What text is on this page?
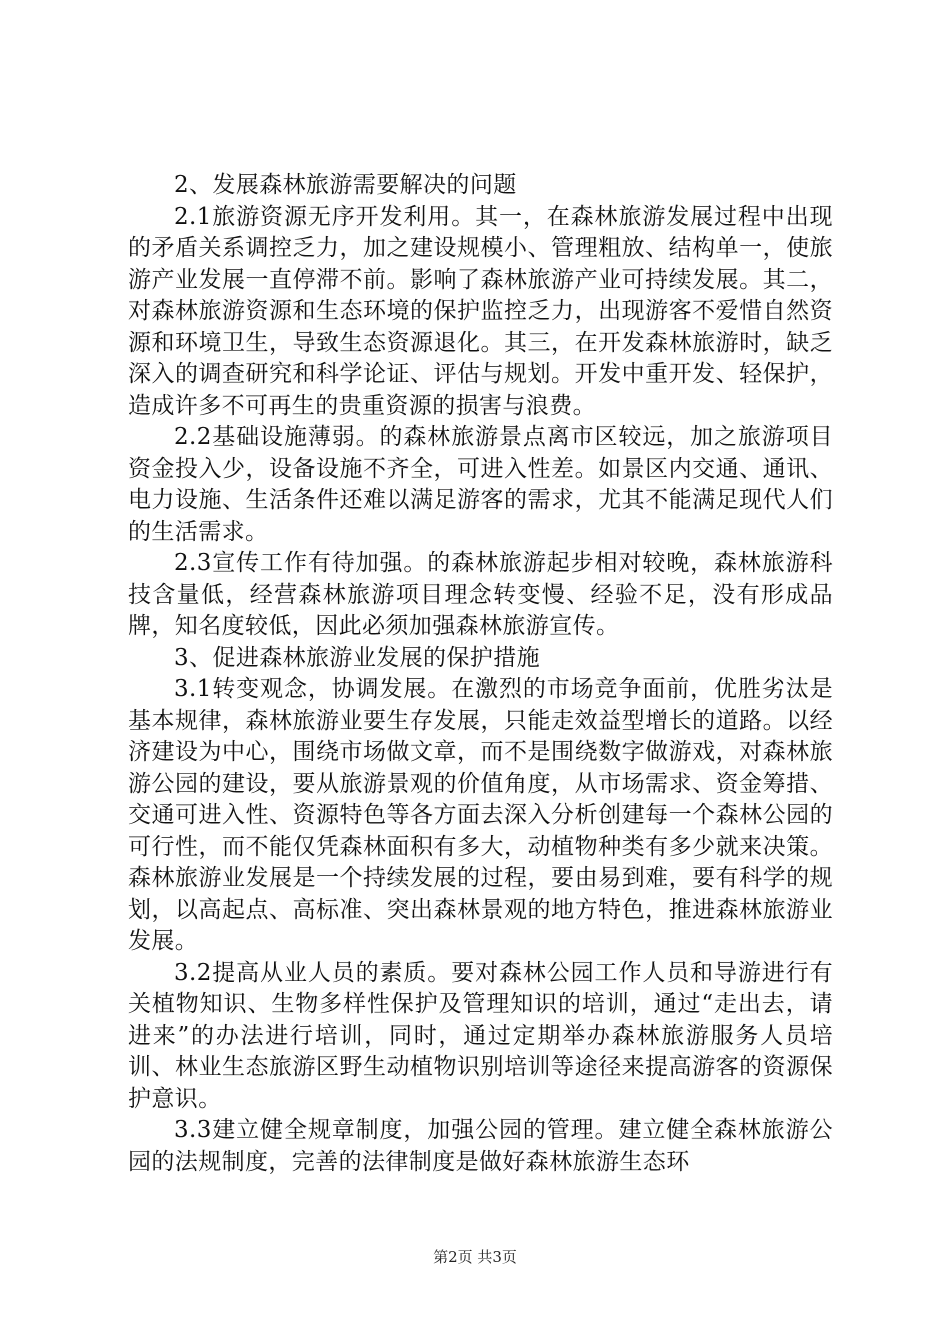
2、发展森林旅游需要解决的问题

2.1旅游资源无序开发利用。其一，在森林旅游发展过程中出现的矛盾关系调控乏力，加之建设规模小、管理粗放、结构单一，使旅游产业发展一直停滞不前。影响了森林旅游产业可持续发展。其二，对森林旅游资源和生态环境的保护监控乏力，出现游客不爱惜自然资源和环境卫生，导致生态资源退化。其三，在开发森林旅游时，缺乏深入的调查研究和科学论证、评估与规划。开发中重开发、轻保护，造成许多不可再生的贵重资源的损害与浪费。

2.2基础设施薄弱。的森林旅游景点离市区较远，加之旅游项目资金投入少，设备设施不齐全，可进入性差。如景区内交通、通讯、电力设施、生活条件还难以满足游客的需求，尤其不能满足现代人们的生活需求。

2.3宣传工作有待加强。的森林旅游起步相对较晚，森林旅游科技含量低，经营森林旅游项目理念转变慢、经验不足，没有形成品牌，知名度较低，因此必须加强森林旅游宣传。

3、促进森林旅游业发展的保护措施

3.1转变观念，协调发展。在激烈的市场竞争面前，优胜劣汰是基本规律，森林旅游业要生存发展，只能走效益型增长的道路。以经济建设为中心，围绕市场做文章，而不是围绕数字做游戏，对森林旅游公园的建设，要从旅游景观的价值角度，从市场需求、资金筹措、交通可进入性、资源特色等各方面去深入分析创建每一个森林公园的可行性，而不能仅凭森林面积有多大，动植物种类有多少就来决策。森林旅游业发展是一个持续发展的过程，要由易到难，要有科学的规划，以高起点、高标准、突出森林景观的地方特色，推进森林旅游业发展。

3.2提高从业人员的素质。要对森林公园工作人员和导游进行有关植物知识、生物多样性保护及管理知识的培训，通过“走出去，请进来”的办法进行培训，同时，通过定期举办森林旅游服务人员培训、林业生态旅游区野生动植物识别培训等途径来提高游客的资源保护意识。

3.3建立健全规章制度，加强公园的管理。建立健全森林旅游公园的法规制度，完善的法律制度是做好森林旅游生态环

第2页 共3页
